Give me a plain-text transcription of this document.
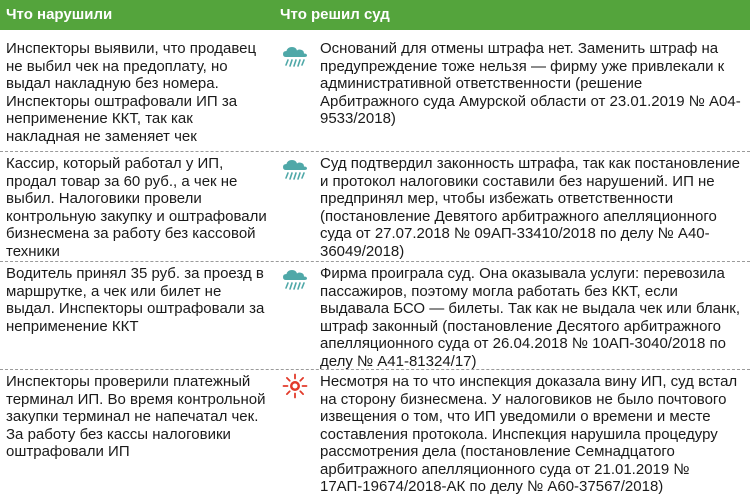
Что нарушили	Что решил суд
Инспекторы выявили, что продавец не выбил чек на предоплату, но выдал накладную без номера. Инспекторы оштрафовали ИП за неприменение ККТ, так как накладная не заменяет чек
Оснований для отмены штрафа нет. Заменить штраф на предупреждение тоже нельзя — фирму уже привлекали к административной ответственности (решение Арбитражного суда Амурской области от 23.01.2019 № А04-9533/2018)
Кассир, который работал у ИП, продал товар за 60 руб., а чек не выбил. Налоговики провели контрольную закупку и оштрафовали бизнесмена за работу без кассовой техники
Суд подтвердил законность штрафа, так как постановление и протокол налоговики составили без нарушений. ИП не предпринял мер, чтобы избежать ответственности (постановление Девятого арбитражного апелляционного суда от 27.07.2018 № 09АП-33410/2018 по делу № А40-36049/2018)
Водитель принял 35 руб. за проезд в маршрутке, а чек или билет не выдал. Инспекторы оштрафовали за неприменение ККТ
Фирма проиграла суд. Она оказывала услуги: перевозила пассажиров, поэтому могла работать без ККТ, если выдавала БСО — билеты. Так как не выдала чек или бланк, штраф законный (постановление Десятого арбитражного апелляционного суда от 26.04.2018 № 10АП-3040/2018 по делу № А41-81324/17)
Инспекторы проверили платежный терминал ИП. Во время контрольной закупки терминал не напечатал чек. За работу без кассы налоговики оштрафовали ИП
Несмотря на то что инспекция доказала вину ИП, суд встал на сторону бизнесмена. У налоговиков не было почтового извещения о том, что ИП уведомили о времени и месте составления протокола. Инспекция нарушила процедуру рассмотрения дела (постановление Семнадцатого арбитражного апелляционного суда от 21.01.2019 № 17АП-19674/2018-АК по делу № А60-37567/2018)
